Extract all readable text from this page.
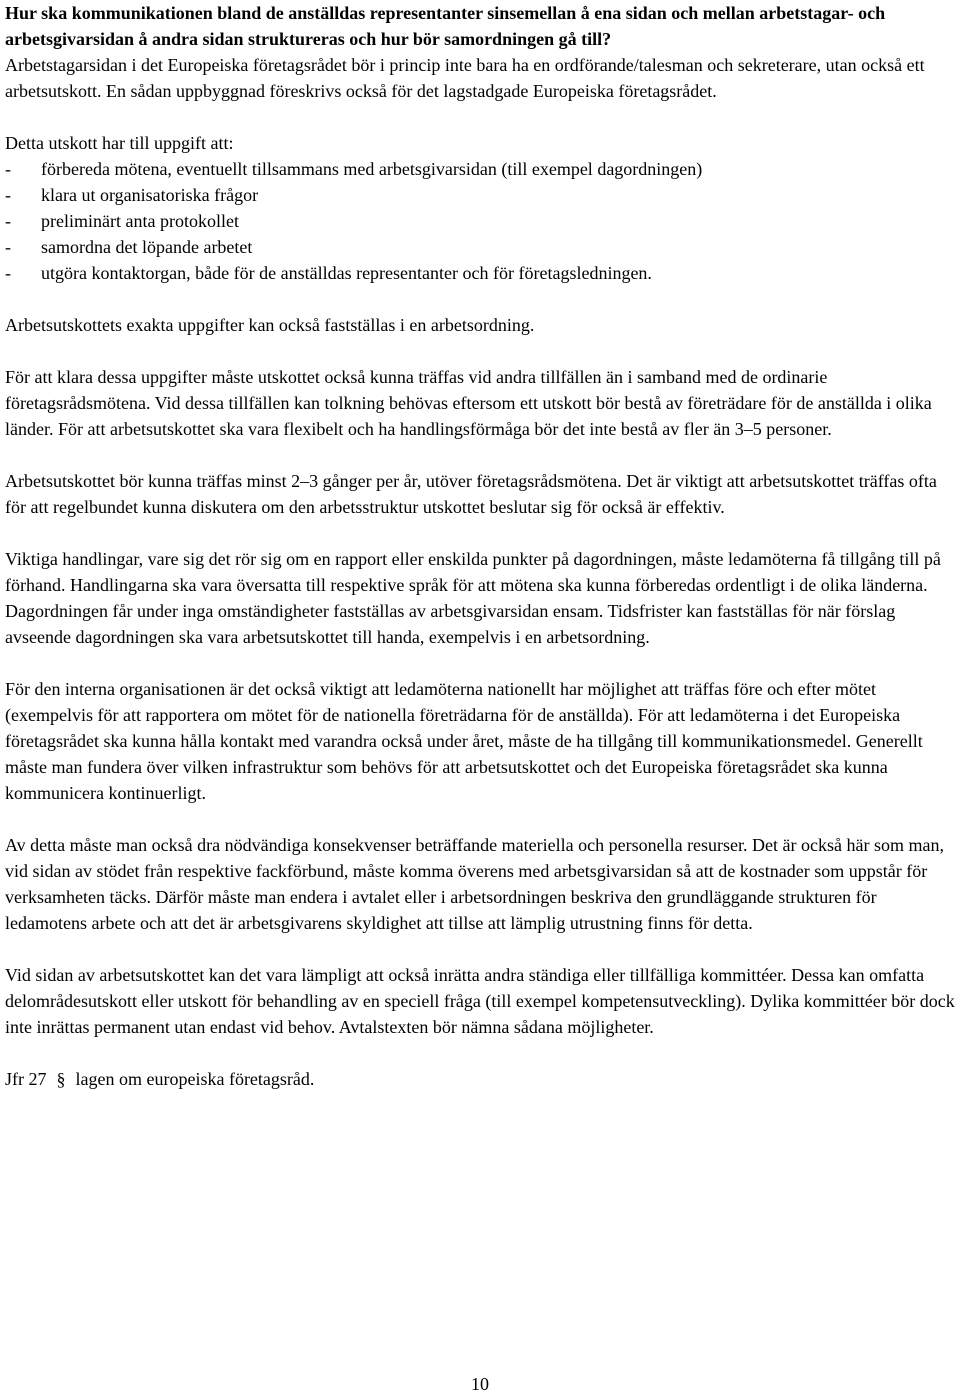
Hur ska kommunikationen bland de anställdas representanter sinsemellan å ena sidan och mellan arbetstagar- och arbetsgivarsidan å andra sidan struktureras och hur bör samordningen gå till?

Arbetstagarsidan i det Europeiska företagsrådet bör i princip inte bara ha en ordförande/talesman och sekreterare, utan också ett arbetsutskott. En sådan uppbyggnad föreskrivs också för det lagstadgade Europeiska företagsrådet.

Detta utskott har till uppgift att:

-	förbereda mötena, eventuellt tillsammans med arbetsgivarsidan (till exempel dagordningen)
-	klara ut organisatoriska frågor
-	preliminärt anta protokollet
-	samordna det löpande arbetet
-	utgöra kontaktorgan, både för de anställdas representanter och för företagsledningen.

Arbetsutskottets exakta uppgifter kan också fastställas i en arbetsordning.

För att klara dessa uppgifter måste utskottet också kunna träffas vid andra tillfällen än i samband med de ordinarie företagsrådsmötena. Vid dessa tillfällen kan tolkning behövas eftersom ett utskott bör bestå av företrädare för de anställda i olika länder. För att arbetsutskottet ska vara flexibelt och ha handlingsförmåga bör det inte bestå av fler än 3–5 personer.

Arbetsutskottet bör kunna träffas minst 2–3 gånger per år, utöver företagsrådsmötena. Det är viktigt att arbetsutskottet träffas ofta för att regelbundet kunna diskutera om den arbetsstruktur utskottet beslutar sig för också är effektiv.

Viktiga handlingar, vare sig det rör sig om en rapport eller enskilda punkter på dagordningen, måste ledamöterna få tillgång till på förhand. Handlingarna ska vara översatta till respektive språk för att mötena ska kunna förberedas ordentligt i de olika länderna. Dagordningen får under inga omständigheter fastställas av arbetsgivarsidan ensam. Tidsfrister kan fastställas för när förslag avseende dagordningen ska vara arbetsutskottet till handa, exempelvis i en arbetsordning.

För den interna organisationen är det också viktigt att ledamöterna nationellt har möjlighet att träffas före och efter mötet (exempelvis för att rapportera om mötet för de nationella företrädarna för de anställda). För att ledamöterna i det Europeiska företagsrådet ska kunna hålla kontakt med varandra också under året, måste de ha tillgång till kommunikationsmedel. Generellt måste man fundera över vilken infrastruktur som behövs för att arbetsutskottet och det Europeiska företagsrådet ska kunna kommunicera kontinuerligt.

Av detta måste man också dra nödvändiga konsekvenser beträffande materiella och personella resurser. Det är också här som man, vid sidan av stödet från respektive fackförbund, måste komma överens med arbetsgivarsidan så att de kostnader som uppstår för verksamheten täcks. Därför måste man endera i avtalet eller i arbetsordningen beskriva den grundläggande strukturen för ledamotens arbete och att det är arbetsgivarens skyldighet att tillse att lämplig utrustning finns för detta.

Vid sidan av arbetsutskottet kan det vara lämpligt att också inrätta andra ständiga eller tillfälliga kommittéer. Dessa kan omfatta delområdesutskott eller utskott för behandling av en speciell fråga (till exempel kompetensutveckling). Dylika kommittéer bör dock inte inrättas permanent utan endast vid behov. Avtalstexten bör nämna sådana möjligheter.

Jfr 27 § lagen om europeiska företagsråd.

10
